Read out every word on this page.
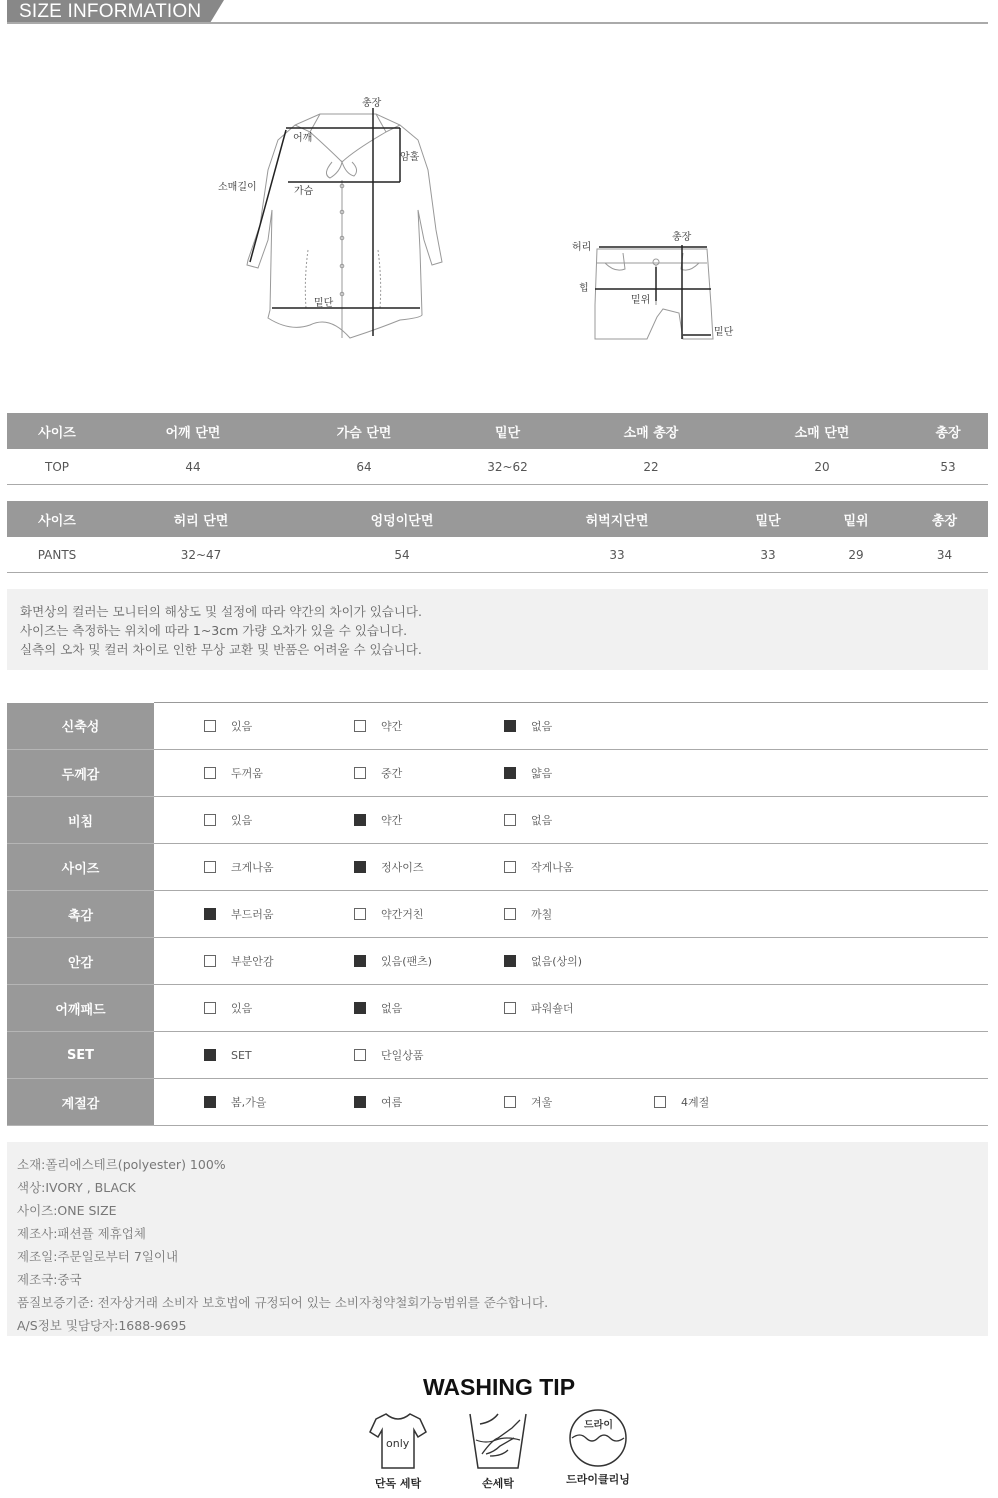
SIZE INFORMATION
총장
어깨
암홀
소매길이	가슴
밑단
허리
총장
힙
밑위
밑단
사이즈	어깨 단면	가슴 단면	밑단	소매 총장	소매 단면	총장
TOP	44	64	32~62	22	20	53
사이즈	허리 단면	엉덩이단면	허벅지단면	밑단	밑위	총장
PANTS	32~47	54	33	33	29	34
화면상의 컬러는 모니터의 해상도 및 설정에 따라 약간의 차이가 있습니다.
사이즈는 측정하는 위치에 따라 1~3cm 가량 오차가 있을 수 있습니다.
실측의 오차 및 컬러 차이로 인한 무상 교환 및 반품은 어려울 수 있습니다.
신축성	있음 약간 없음

두께감	두꺼움 중간 얇음

비침	있음 약간 없음

사이즈	크게나옴 정사이즈 작게나옴

촉감	부드러움 약간거친 까칠

안감	부분안감 있음(팬츠) 없음(상의)

어깨패드	있음 없음 파워숄더

SET	SET 단일상품

계절감	봄,가을 여름 겨울 4계절
소재:폴리에스테르(polyester) 100%
색상:IVORY , BLACK
사이즈:ONE SIZE
제조사:패션플 제휴업체
제조일:주문일로부터 7일이내
제조국:중국
품질보증기준: 전자상거래 소비자 보호법에 규정되어 있는 소비자청약철회가능범위를 준수합니다.
A/S정보 및담당자:1688-9695
WASHING TIP
only
단독 세탁	손세탁
드라이
드라이클리닝
